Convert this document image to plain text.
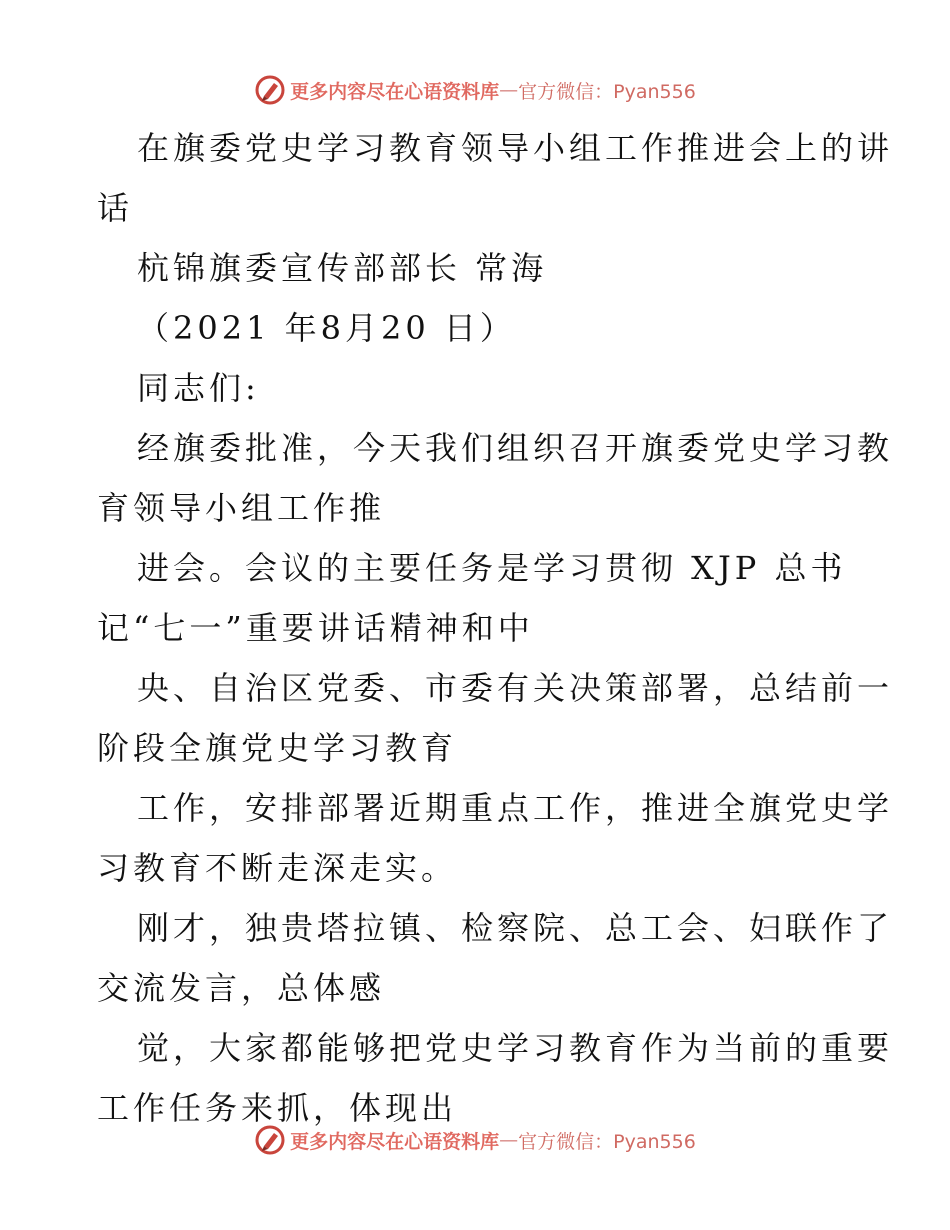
更多内容尽在心语资料库 — 官方微信：Pyan556
在旗委党史学习教育领导小组工作推进会上的讲
话
杭锦旗委宣传部部长 常海
（2021 年8月20 日）
同志们:
经旗委批准，今天我们组织召开旗委党史学习教
育领导小组工作推
进会。会议的主要任务是学习贯彻 XJP 总书
记“七一”重要讲话精神和中
央、自治区党委、市委有关决策部署，总结前一
阶段全旗党史学习教育
工作，安排部署近期重点工作，推进全旗党史学
习教育不断走深走实。
刚才，独贵塔拉镇、检察院、总工会、妇联作了
交流发言，总体感
觉，大家都能够把党史学习教育作为当前的重要
工作任务来抓，体现出
更多内容尽在心语资料库 — 官方微信：Pyan556
